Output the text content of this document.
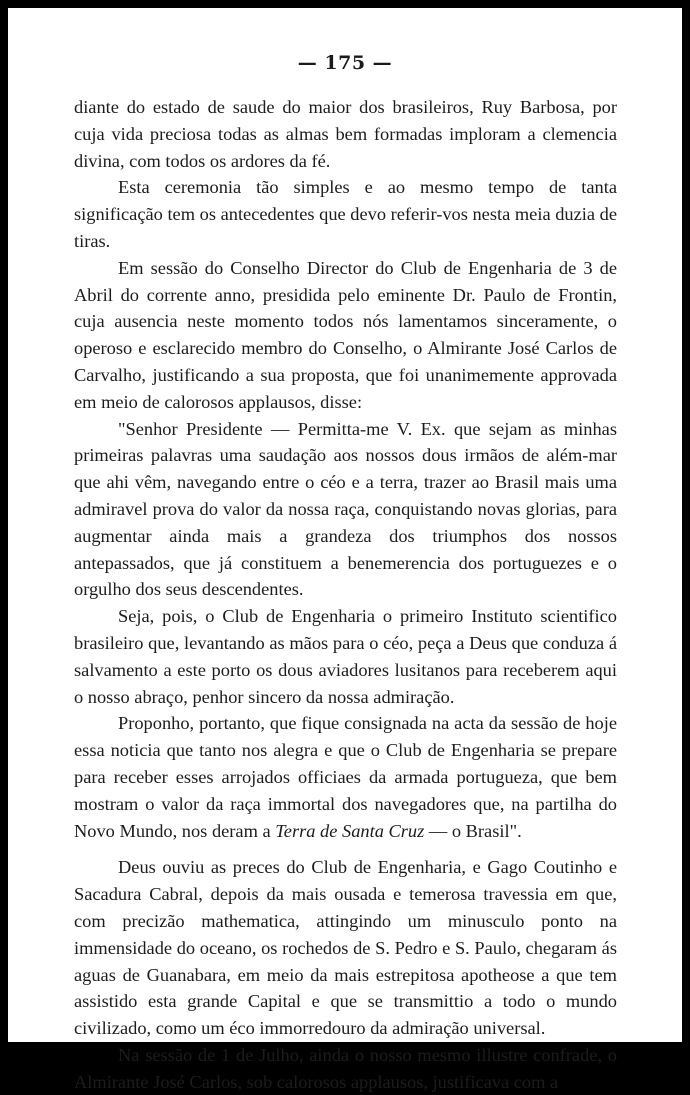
— 175 —

diante do estado de saude do maior dos brasileiros, Ruy Barbosa, por cuja vida preciosa todas as almas bem formadas imploram a clemencia divina, com todos os ardores da fé.

Esta ceremonia tão simples e ao mesmo tempo de tanta significação tem os antecedentes que devo referir-vos nesta meia duzia de tiras.

Em sessão do Conselho Director do Club de Engenharia de 3 de Abril do corrente anno, presidida pelo eminente Dr. Paulo de Frontin, cuja ausencia neste momento todos nós lamentamos sinceramente, o operoso e esclarecido membro do Conselho, o Almirante José Carlos de Carvalho, justificando a sua proposta, que foi unanimemente approvada em meio de calorosos applausos, disse:

"Senhor Presidente — Permitta-me V. Ex. que sejam as minhas primeiras palavras uma saudação aos nossos dous irmãos de além-mar que ahi vêm, navegando entre o céo e a terra, trazer ao Brasil mais uma admiravel prova do valor da nossa raça, conquistando novas glorias, para augmentar ainda mais a grandeza dos triumphos dos nossos antepassados, que já constituem a benemerencia dos portuguezes e o orgulho dos seus descendentes.

Seja, pois, o Club de Engenharia o primeiro Instituto scientifico brasileiro que, levantando as mãos para o céo, peça a Deus que conduza á salvamento a este porto os dous aviadores lusitanos para receberem aqui o nosso abraço, penhor sincero da nossa admiração.

Proponho, portanto, que fique consignada na acta da sessão de hoje essa noticia que tanto nos alegra e que o Club de Engenharia se prepare para receber esses arrojados officiaes da armada portugueza, que bem mostram o valor da raça immortal dos navegadores que, na partilha do Novo Mundo, nos deram a Terra de Santa Cruz — o Brasil".

Deus ouviu as preces do Club de Engenharia, e Gago Coutinho e Sacadura Cabral, depois da mais ousada e temerosa travessia em que, com precizão mathematica, attingindo um minusculo ponto na immensidade do oceano, os rochedos de S. Pedro e S. Paulo, chegaram ás aguas de Guanabara, em meio da mais estrepitosa apotheose a que tem assistido esta grande Capital e que se transmittio a todo o mundo civilizado, como um éco immorredouro da admiração universal.

Na sessão de 1 de Julho, ainda o nosso mesmo illustre confrade, o Almirante José Carlos, sob calorosos applausos, justificava com a
